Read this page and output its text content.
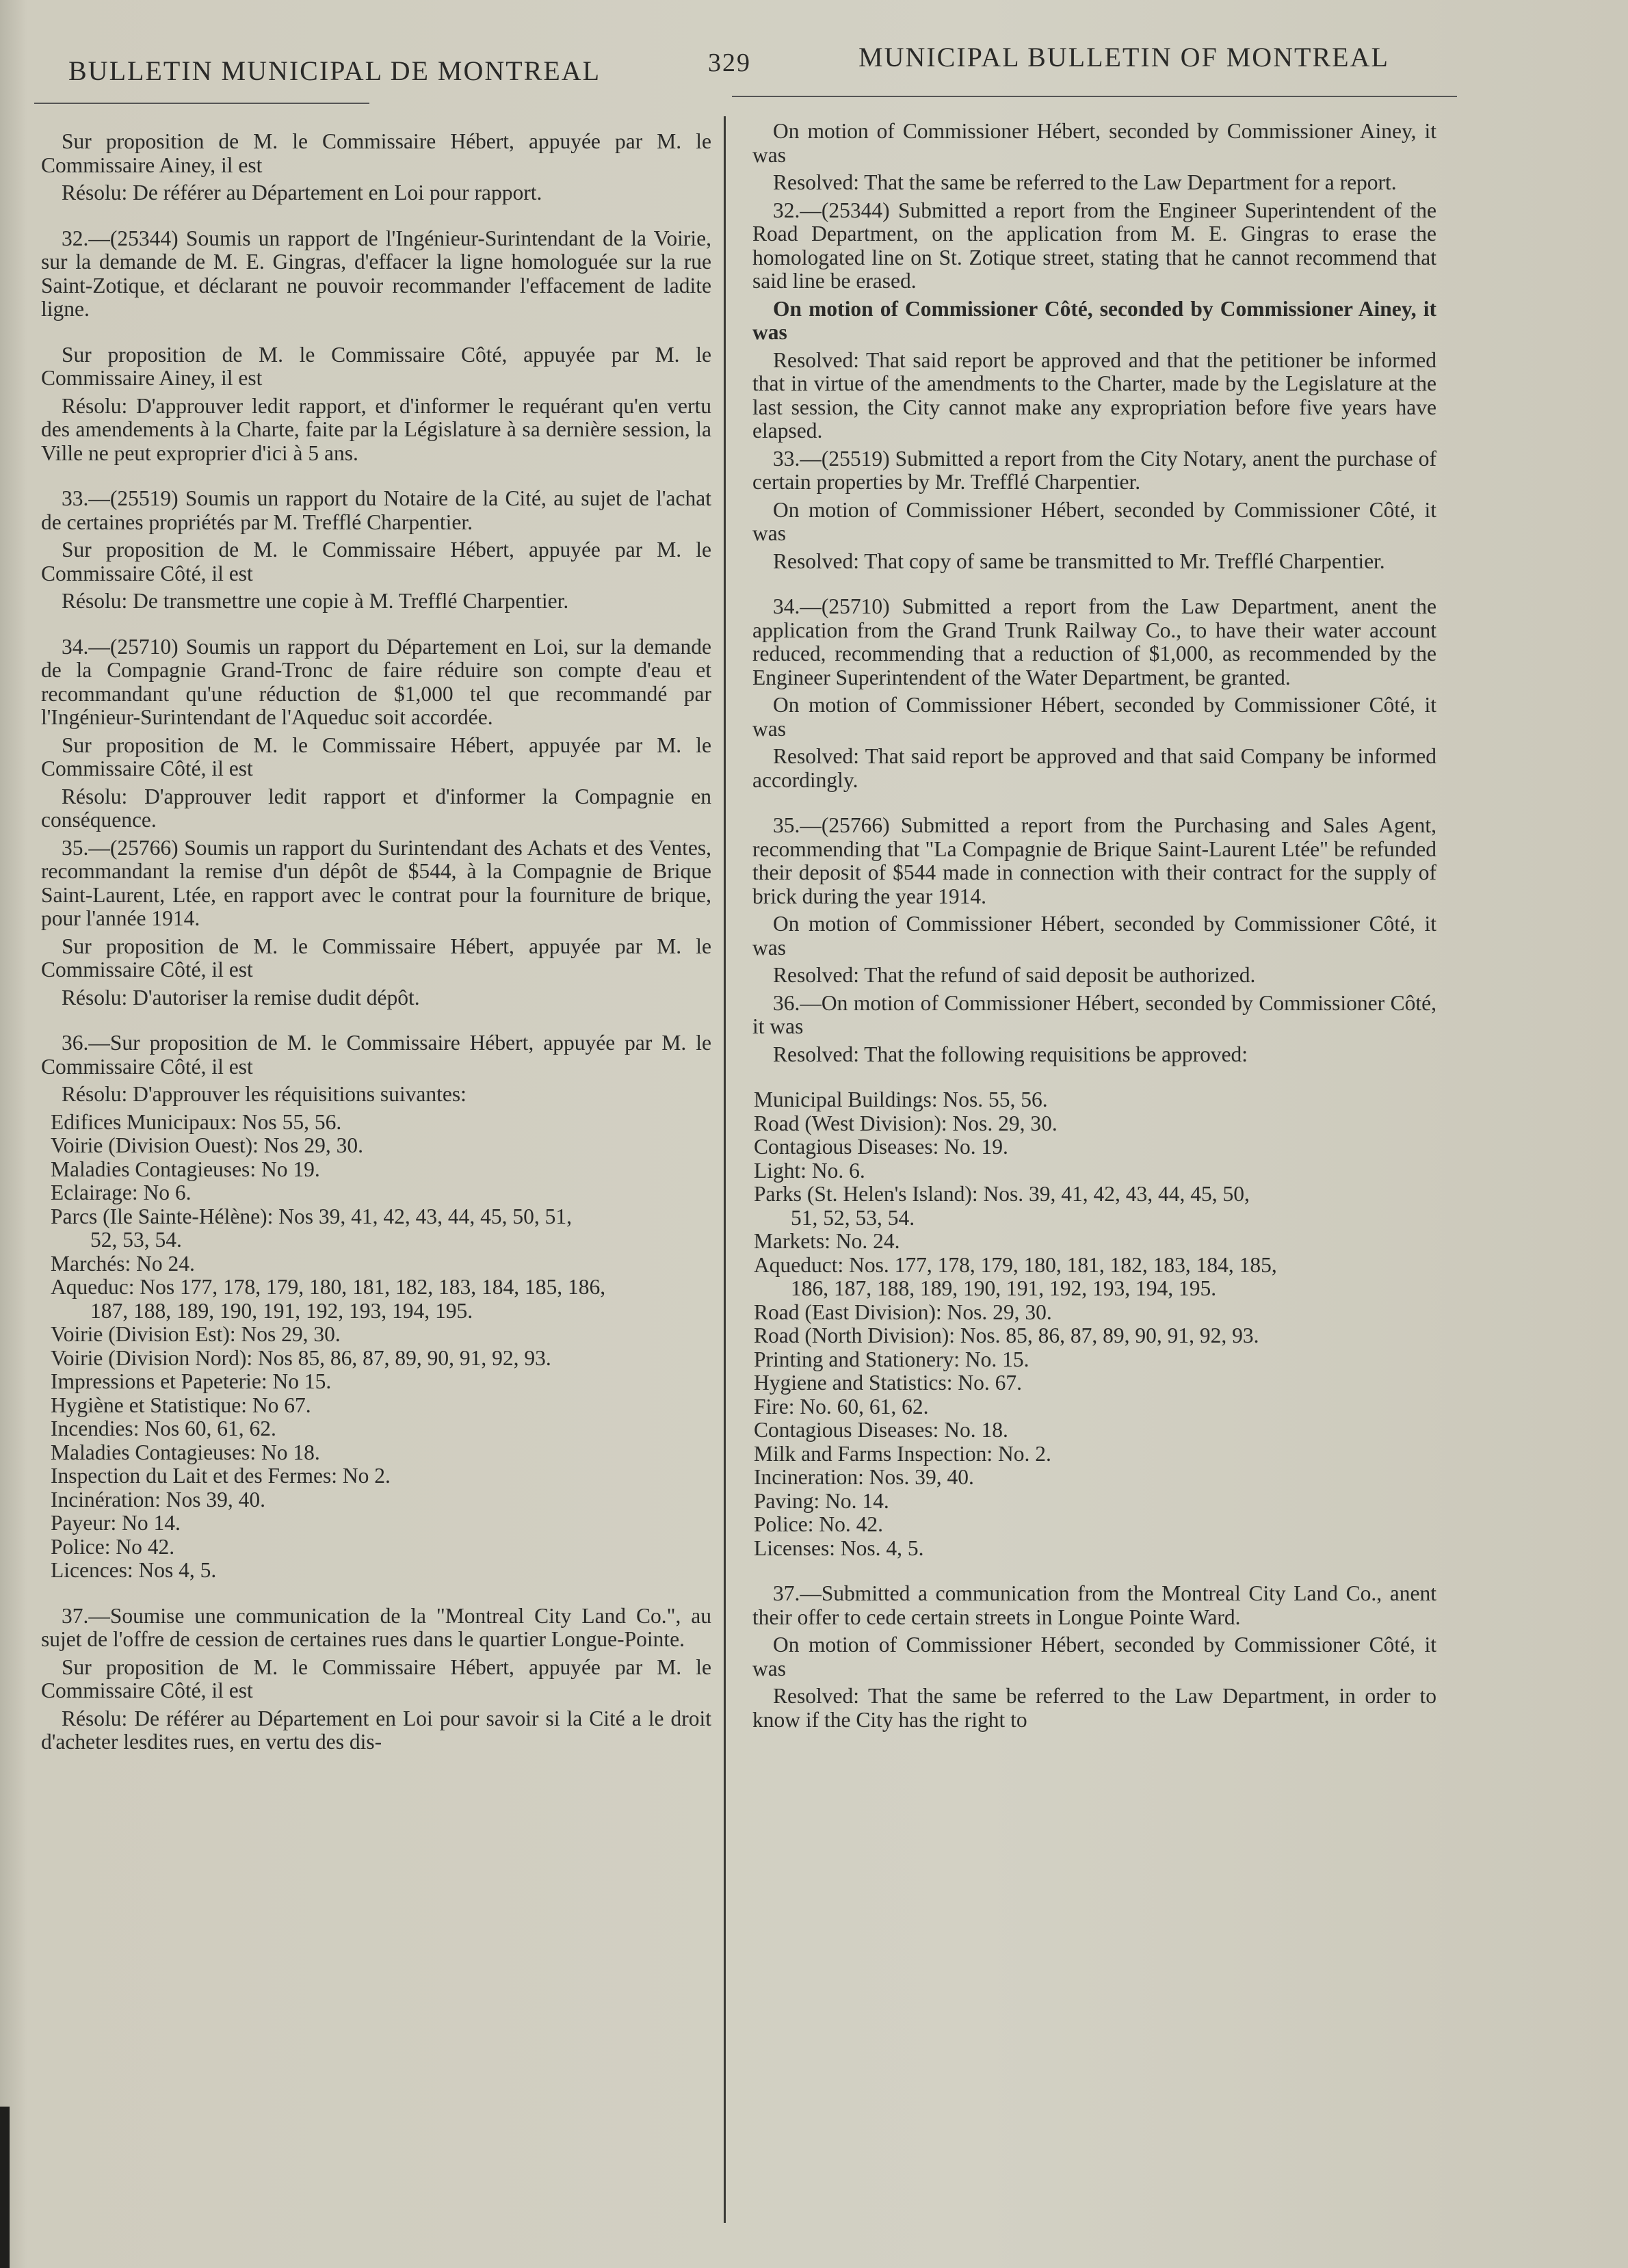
BULLETIN MUNICIPAL DE MONTREAL	329	MUNICIPAL BULLETIN OF MONTREAL

Sur proposition de M. le Commissaire Hébert, appuyée par M. le Commissaire Ainey, il est

Résolu: De référer au Département en Loi pour rapport.

32.—(25344) Soumis un rapport de l'Ingénieur-Surintendant de la Voirie, sur la demande de M. E. Gingras, d'effacer la ligne homologuée sur la rue Saint-Zotique, et déclarant ne pouvoir recommander l'effacement de ladite ligne.

Sur proposition de M. le Commissaire Côté, appuyée par M. le Commissaire Ainey, il est

Résolu: D'approuver ledit rapport, et d'informer le requérant qu'en vertu des amendements à la Charte, faite par la Législature à sa dernière session, la Ville ne peut exproprier d'ici à 5 ans.

33.—(25519) Soumis un rapport du Notaire de la Cité, au sujet de l'achat de certaines propriétés par M. Trefflé Charpentier.

Sur proposition de M. le Commissaire Hébert, appuyée par M. le Commissaire Côté, il est

Résolu: De transmettre une copie à M. Trefflé Charpentier.

34.—(25710) Soumis un rapport du Département en Loi, sur la demande de la Compagnie Grand-Tronc de faire réduire son compte d'eau et recommandant qu'une réduction de $1,000 tel que recommandé par l'Ingénieur-Surintendant de l'Aqueduc soit accordée.

Sur proposition de M. le Commissaire Hébert, appuyée par M. le Commissaire Côté, il est

Résolu: D'approuver ledit rapport et d'informer la Compagnie en conséquence.

35.—(25766) Soumis un rapport du Surintendant des Achats et des Ventes, recommandant la remise d'un dépôt de $544, à la Compagnie de Brique Saint-Laurent, Ltée, en rapport avec le contrat pour la fourniture de brique, pour l'année 1914.

Sur proposition de M. le Commissaire Hébert, appuyée par M. le Commissaire Côté, il est

Résolu: D'autoriser la remise dudit dépôt.

36.—Sur proposition de M. le Commissaire Hébert, appuyée par M. le Commissaire Côté, il est

Résolu: D'approuver les réquisitions suivantes:

Edifices Municipaux: Nos 55, 56.

Voirie (Division Ouest): Nos 29, 30.

Maladies Contagieuses: No 19.

Eclairage: No 6.

Parcs (Ile Sainte-Hélène): Nos 39, 41, 42, 43, 44, 45, 50, 51,

52, 53, 54.

Marchés: No 24.

Aqueduc: Nos 177, 178, 179, 180, 181, 182, 183, 184, 185, 186,

187, 188, 189, 190, 191, 192, 193, 194, 195.

Voirie (Division Est): Nos 29, 30.

Voirie (Division Nord): Nos 85, 86, 87, 89, 90, 91, 92, 93.

Impressions et Papeterie: No 15.

Hygiène et Statistique: No 67.

Incendies: Nos 60, 61, 62.

Maladies Contagieuses: No 18.

Inspection du Lait et des Fermes: No 2.

Incinération: Nos 39, 40.

Payeur: No 14.

Police: No 42.

Licences: Nos 4, 5.

37.—Soumise une communication de la "Montreal City Land Co.", au sujet de l'offre de cession de certaines rues dans le quartier Longue-Pointe.

Sur proposition de M. le Commissaire Hébert, appuyée par M. le Commissaire Côté, il est

Résolu: De référer au Département en Loi pour savoir si la Cité a le droit d'acheter lesdites rues, en vertu des dis-

On motion of Commissioner Hébert, seconded by Commissioner Ainey, it was

Resolved: That the same be referred to the Law Department for a report.

32.—(25344) Submitted a report from the Engineer Superintendent of the Road Department, on the application from M. E. Gingras to erase the homologated line on St. Zotique street, stating that he cannot recommend that said line be erased.

On motion of Commissioner Côté, seconded by Commissioner Ainey, it was

Resolved: That said report be approved and that the petitioner be informed that in virtue of the amendments to the Charter, made by the Legislature at the last session, the City cannot make any expropriation before five years have elapsed.

33.—(25519) Submitted a report from the City Notary, anent the purchase of certain properties by Mr. Trefflé Charpentier.

On motion of Commissioner Hébert, seconded by Commissioner Côté, it was

Resolved: That copy of same be transmitted to Mr. Trefflé Charpentier.

34.—(25710) Submitted a report from the Law Department, anent the application from the Grand Trunk Railway Co., to have their water account reduced, recommending that a reduction of $1,000, as recommended by the Engineer Superintendent of the Water Department, be granted.

On motion of Commissioner Hébert, seconded by Commissioner Côté, it was

Resolved: That said report be approved and that said Company be informed accordingly.

35.—(25766) Submitted a report from the Purchasing and Sales Agent, recommending that "La Compagnie de Brique Saint-Laurent Ltée" be refunded their deposit of $544 made in connection with their contract for the supply of brick during the year 1914.

On motion of Commissioner Hébert, seconded by Commissioner Côté, it was

Resolved: That the refund of said deposit be authorized.

36.—On motion of Commissioner Hébert, seconded by Commissioner Côté, it was

Resolved: That the following requisitions be approved:

Municipal Buildings: Nos. 55, 56.

Road (West Division): Nos. 29, 30.

Contagious Diseases: No. 19.

Light: No. 6.

Parks (St. Helen's Island): Nos. 39, 41, 42, 43, 44, 45, 50,

51, 52, 53, 54.

Markets: No. 24.

Aqueduct: Nos. 177, 178, 179, 180, 181, 182, 183, 184, 185,

186, 187, 188, 189, 190, 191, 192, 193, 194, 195.

Road (East Division): Nos. 29, 30.

Road (North Division): Nos. 85, 86, 87, 89, 90, 91, 92, 93.

Printing and Stationery: No. 15.

Hygiene and Statistics: No. 67.

Fire: No. 60, 61, 62.

Contagious Diseases: No. 18.

Milk and Farms Inspection: No. 2.

Incineration: Nos. 39, 40.

Paving: No. 14.

Police: No. 42.

Licenses: Nos. 4, 5.

37.—Submitted a communication from the Montreal City Land Co., anent their offer to cede certain streets in Longue Pointe Ward.

On motion of Commissioner Hébert, seconded by Commissioner Côté, it was

Resolved: That the same be referred to the Law Department, in order to know if the City has the right to
